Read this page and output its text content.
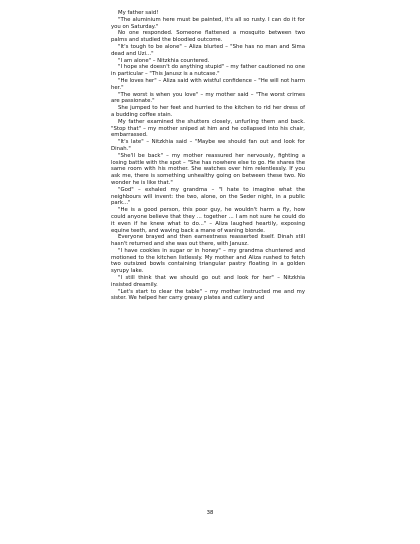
My father said!

"The aluminium here must be painted, it's all so rusty. I can do it for you on Saturday."

No one responded. Someone flattened a mosquito between two palms and studied the bloodied outcome.

"It's tough to be alone" – Aliza blurted – "She has no man and Sima dead and Uzi..."

"I am alone" – Nitzkhia countered.

"I hope she doesn't do anything stupid" – my father cautioned no one in particular – "This Janusz is a nutcase."

"He loves her" – Aliza said with wistful confidence – "He will not harm her."

"The worst is when you love" – my mother said – "The worst crimes are passionate."

She jumped to her feet and hurried to the kitchen to rid her dress of a budding coffee stain.

My father examined the shutters closely, unfurling them and back. "Stop that" – my mother sniped at him and he collapsed into his chair, embarrassed.

"It's late" – Nitzkhia said – "Maybe we should fan out and look for Dinah."

"She'll be back" – my mother reassured her nervously, fighting a losing battle with the spot – "She has nowhere else to go. He shares the same room with his mother. She watches over him relentlessly. If you ask me, there is something unhealthy going on between these two. No wonder he is like that."

"God" – exhaled my grandma – "I hate to imagine what the neighbours will invent: the two, alone, on the Seder night, in a public park..."

"He is a good person, this poor guy, he wouldn't harm a fly, how could anyone believe that they ... together ... I am not sure he could do it even if he knew what to do..." – Aliza laughed heartily, exposing equine teeth, and waving back a mane of waning blonde.

Everyone brayed and then earnestness reasserted itself. Dinah still hasn't returned and she was out there, with Janusz.

"I have cookies in sugar or in honey" – my grandma chuntered and motioned to the kitchen listlessly. My mother and Aliza rushed to fetch two outsized bowls containing triangular pastry floating in a golden syrupy lake.

"I still think that we should go out and look for her" – Nitzkhia insisted dreamily.

"Let's start to clear the table" – my mother instructed me and my sister. We helped her carry greasy plates and cutlery and

38
